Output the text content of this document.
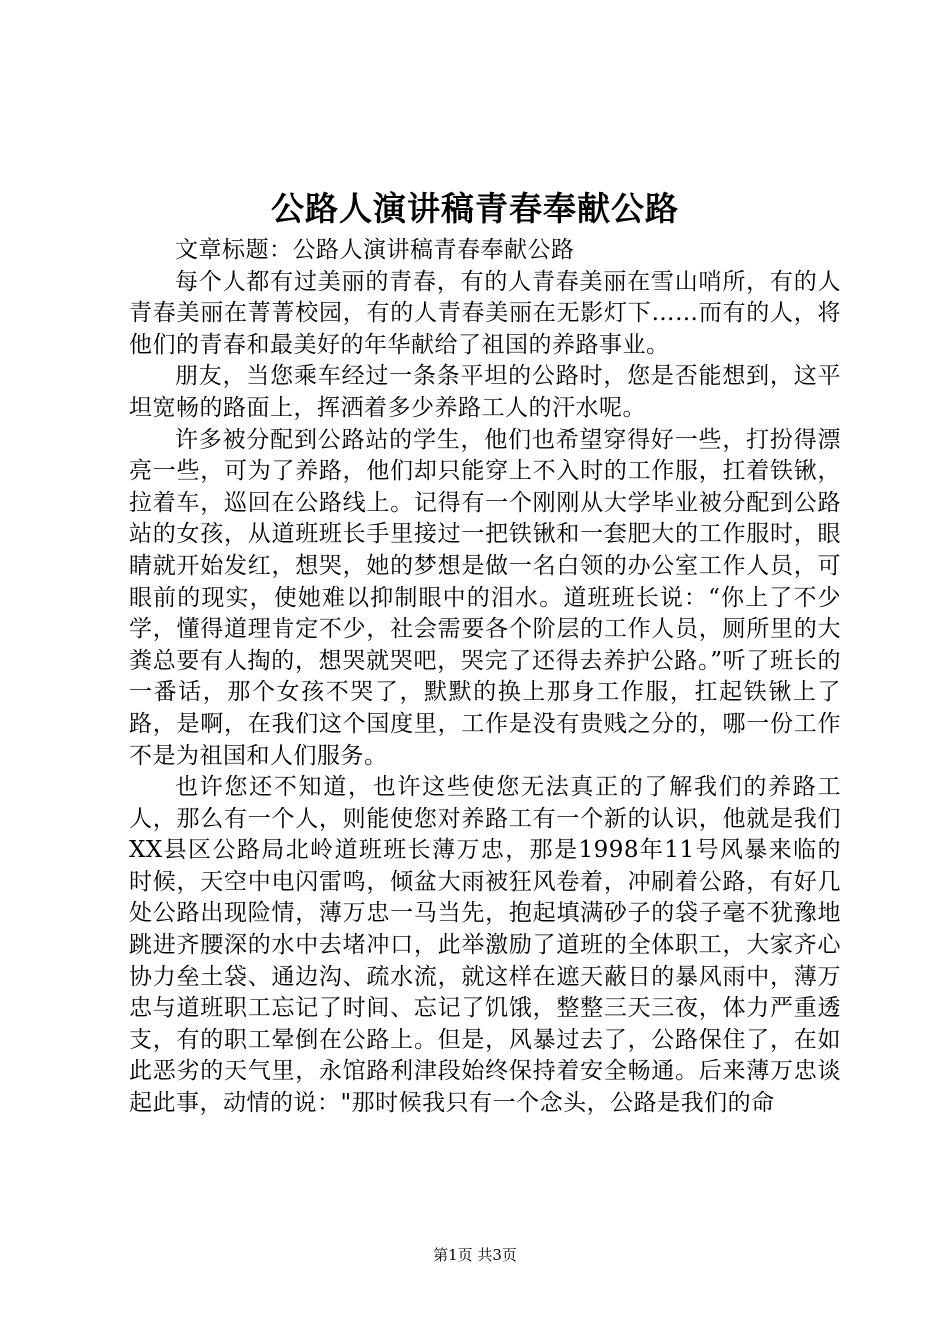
公路人演讲稿青春奉献公路

文章标题：公路人演讲稿青春奉献公路

每个人都有过美丽的青春，有的人青春美丽在雪山哨所，有的人青春美丽在菁菁校园，有的人青春美丽在无影灯下……而有的人，将他们的青春和最美好的年华献给了祖国的养路事业。

朋友，当您乘车经过一条条平坦的公路时，您是否能想到，这平坦宽畅的路面上，挥洒着多少养路工人的汗水呢。

许多被分配到公路站的学生，他们也希望穿得好一些，打扮得漂亮一些，可为了养路，他们却只能穿上不入时的工作服，扛着铁锹，拉着车，巡回在公路线上。记得有一个刚刚从大学毕业被分配到公路站的女孩，从道班班长手里接过一把铁锹和一套肥大的工作服时，眼睛就开始发红，想哭，她的梦想是做一名白领的办公室工作人员，可眼前的现实，使她难以抑制眼中的泪水。道班班长说：“你上了不少学，懂得道理肯定不少，社会需要各个阶层的工作人员，厕所里的大粪总要有人掏的，想哭就哭吧，哭完了还得去养护公路。”听了班长的一番话，那个女孩不哭了，默默的换上那身工作服，扛起铁锹上了路，是啊，在我们这个国度里，工作是没有贵贱之分的，哪一份工作不是为祖国和人们服务。

也许您还不知道，也许这些使您无法真正的了解我们的养路工人，那么有一个人，则能使您对养路工有一个新的认识，他就是我们XX县区公路局北岭道班班长薄万忠，那是1998年11号风暴来临的时候，天空中电闪雷鸣，倾盆大雨被狂风卷着，冲刷着公路，有好几处公路出现险情，薄万忠一马当先，抱起填满砂子的袋子毫不犹豫地跳进齐腰深的水中去堵冲口，此举激励了道班的全体职工，大家齐心协力垒土袋、通边沟、疏水流，就这样在遮天蔽日的暴风雨中，薄万忠与道班职工忘记了时间、忘记了饥饿，整整三天三夜，体力严重透支，有的职工晕倒在公路上。但是，风暴过去了，公路保住了，在如此恶劣的天气里，永馆路利津段始终保持着安全畅通。后来薄万忠谈起此事，动情的说："那时候我只有一个念头，公路是我们的命

第1页 共3页
